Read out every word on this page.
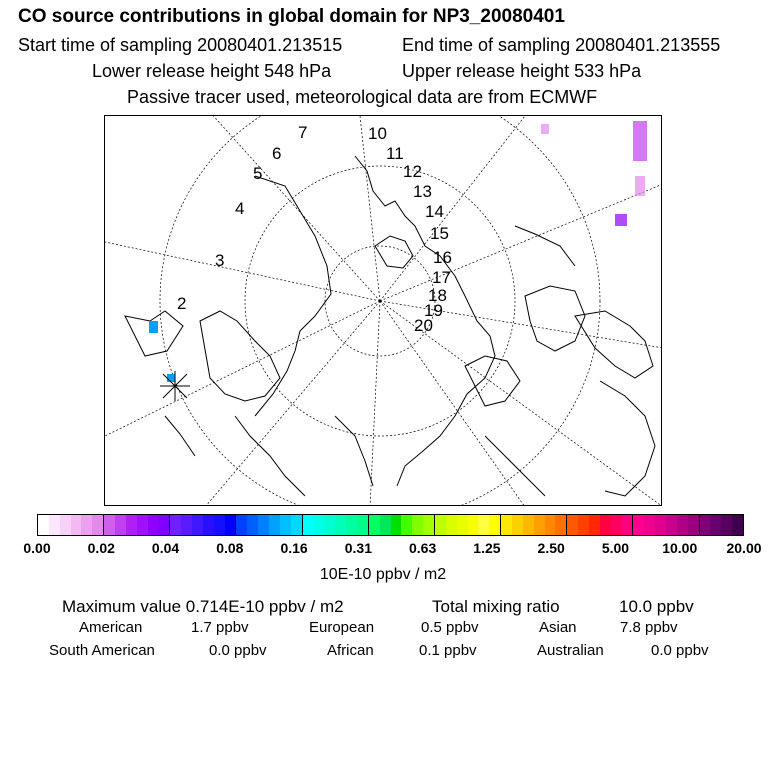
CO source contributions in global domain for NP3_20080401
Start time of sampling 20080401.213515	End time of sampling 20080401.213555
Lower release height 548 hPa	Upper release height 533 hPa
Passive tracer used, meteorological data are from ECMWF
2
3
4
5
6
7	10
11
12
13
14
15
16
17
18
19
20
0.00	0.02	0.04	0.08	0.16	0.31	0.63	1.25	2.50	5.00 10.00 20.00
10E-10 ppbv / m2
Maximum value 0.714E-10 ppbv / m2	Total mixing ratio	10.0 ppbv
American	1.7 ppbv	European	0.5 ppbv	Asian	7.8 ppbv
South American	0.0 ppbv	African	0.1 ppbv	Australian	0.0 ppbv
